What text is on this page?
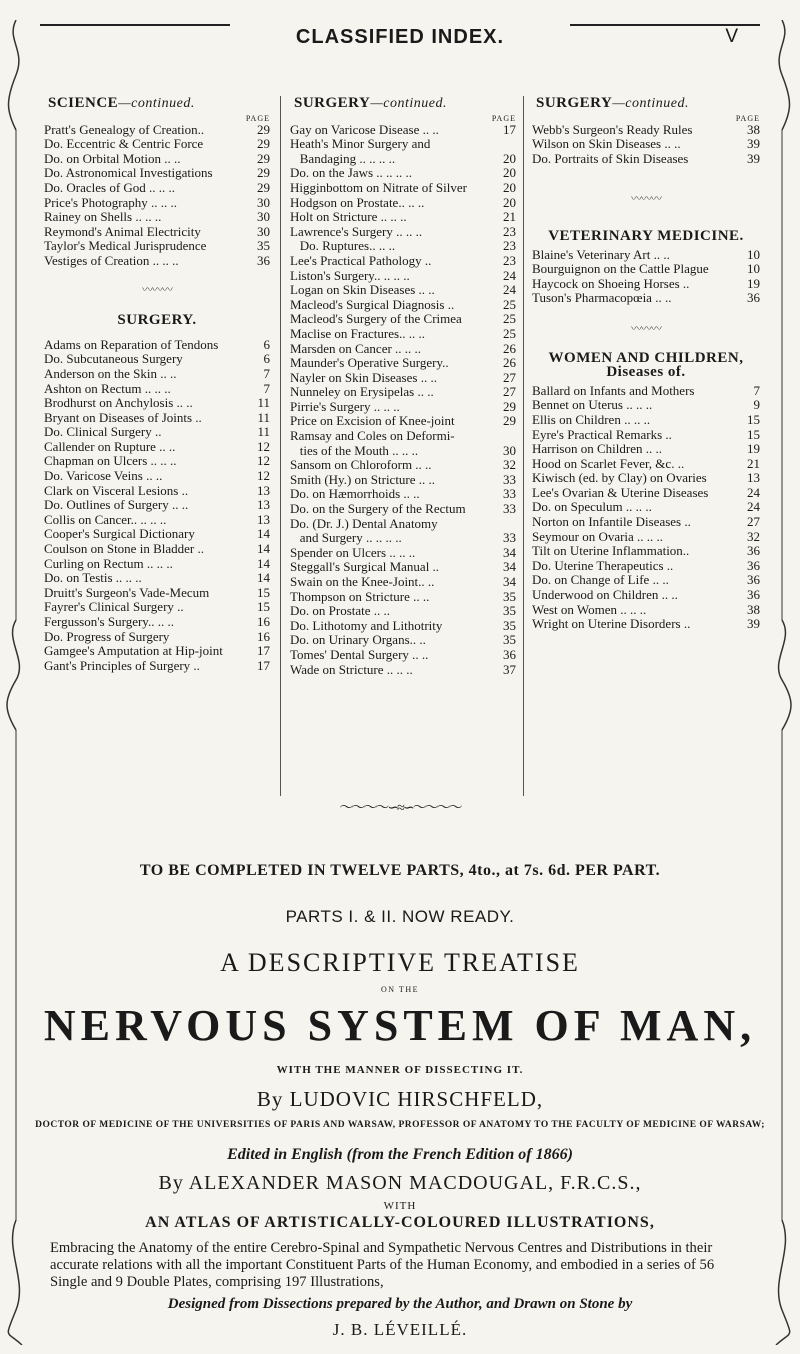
CLASSIFIED INDEX.	V
SCIENCE—continued.
PAGE
Pratt's Genealogy of Creation..	29
Do. Eccentric & Centric Force	29
Do. on Orbital Motion .. ..	29
Do. Astronomical Investigations	29
Do. Oracles of God .. .. ..	29
Price's Photography .. .. ..	30
Rainey on Shells .. .. ..	30
Reymond's Animal Electricity	30
Taylor's Medical Jurisprudence	35
Vestiges of Creation .. .. ..	36
〰〰〰
SURGERY.
Adams on Reparation of Tendons	6
Do. Subcutaneous Surgery	6
Anderson on the Skin .. ..	7
Ashton on Rectum .. .. ..	7
Brodhurst on Anchylosis .. ..	11
Bryant on Diseases of Joints ..	11
Do. Clinical Surgery ..	11
Callender on Rupture .. ..	12
Chapman on Ulcers .. .. ..	12
Do. Varicose Veins .. ..	12
Clark on Visceral Lesions ..	13
Do. Outlines of Surgery .. ..	13
Collis on Cancer.. .. .. ..	13
Cooper's Surgical Dictionary	14
Coulson on Stone in Bladder ..	14
Curling on Rectum .. .. ..	14
Do. on Testis .. .. ..	14
Druitt's Surgeon's Vade-Mecum	15
Fayrer's Clinical Surgery ..	15
Fergusson's Surgery.. .. ..	16
Do. Progress of Surgery	16
Gamgee's Amputation at Hip-joint	17
Gant's Principles of Surgery ..	17
SURGERY—continued.
PAGE
Gay on Varicose Disease .. ..	17
Heath's Minor Surgery and
Bandaging .. .. .. ..	20
Do. on the Jaws .. .. .. ..	20
Higginbottom on Nitrate of Silver	20
Hodgson on Prostate.. .. ..	20
Holt on Stricture .. .. ..	21
Lawrence's Surgery .. .. ..	23
Do. Ruptures.. .. ..	23
Lee's Practical Pathology ..	23
Liston's Surgery.. .. .. ..	24
Logan on Skin Diseases .. ..	24
Macleod's Surgical Diagnosis ..	25
Macleod's Surgery of the Crimea	25
Maclise on Fractures.. .. ..	25
Marsden on Cancer .. .. ..	26
Maunder's Operative Surgery..	26
Nayler on Skin Diseases .. ..	27
Nunneley on Erysipelas .. ..	27
Pirrie's Surgery .. .. ..	29
Price on Excision of Knee-joint	29
Ramsay and Coles on Deformi-
ties of the Mouth .. .. ..	30
Sansom on Chloroform .. ..	32
Smith (Hy.) on Stricture .. ..	33
Do. on Hæmorrhoids .. ..	33
Do. on the Surgery of the Rectum	33
Do. (Dr. J.) Dental Anatomy
and Surgery .. .. .. ..	33
Spender on Ulcers .. .. ..	34
Steggall's Surgical Manual ..	34
Swain on the Knee-Joint.. ..	34
Thompson on Stricture .. ..	35
Do. on Prostate .. ..	35
Do. Lithotomy and Lithotrity	35
Do. on Urinary Organs.. ..	35
Tomes' Dental Surgery .. ..	36
Wade on Stricture .. .. ..	37
SURGERY—continued.
PAGE
Webb's Surgeon's Ready Rules	38
Wilson on Skin Diseases .. ..	39
Do. Portraits of Skin Diseases	39
〰〰〰
VETERINARY MEDICINE.
Blaine's Veterinary Art .. ..	10
Bourguignon on the Cattle Plague	10
Haycock on Shoeing Horses ..	19
Tuson's Pharmacopœia .. ..	36
〰〰〰
WOMEN AND CHILDREN,
Diseases of.
Ballard on Infants and Mothers	7
Bennet on Uterus .. .. ..	9
Ellis on Children .. .. ..	15
Eyre's Practical Remarks ..	15
Harrison on Children .. ..	19
Hood on Scarlet Fever, &c. ..	21
Kiwisch (ed. by Clay) on Ovaries	13
Lee's Ovarian & Uterine Diseases	24
Do. on Speculum .. .. ..	24
Norton on Infantile Diseases ..	27
Seymour on Ovaria .. .. ..	32
Tilt on Uterine Inflammation..	36
Do. Uterine Therapeutics ..	36
Do. on Change of Life .. ..	36
Underwood on Children .. ..	36
West on Women .. .. ..	38
Wright on Uterine Disorders ..	39
〜〜〜〜∽≈∽〜〜〜〜
TO BE COMPLETED IN TWELVE PARTS, 4to., at 7s. 6d. PER PART.
PARTS I. & II. NOW READY.
A DESCRIPTIVE TREATISE
ON THE
NERVOUS SYSTEM OF MAN,
WITH THE MANNER OF DISSECTING IT.
By LUDOVIC HIRSCHFELD,
DOCTOR OF MEDICINE OF THE UNIVERSITIES OF PARIS AND WARSAW, PROFESSOR OF ANATOMY TO THE FACULTY OF MEDICINE OF WARSAW;
Edited in English (from the French Edition of 1866)
By ALEXANDER MASON MACDOUGAL, F.R.C.S.,
WITH
AN ATLAS OF ARTISTICALLY-COLOURED ILLUSTRATIONS,
Embracing the Anatomy of the entire Cerebro-Spinal and Sympathetic Nervous Centres and Distributions in their accurate relations with all the important Constituent Parts of the Human Economy, and embodied in a series of 56 Single and 9 Double Plates, comprising 197 Illustrations,
Designed from Dissections prepared by the Author, and Drawn on Stone by
J. B. LÉVEILLÉ.
